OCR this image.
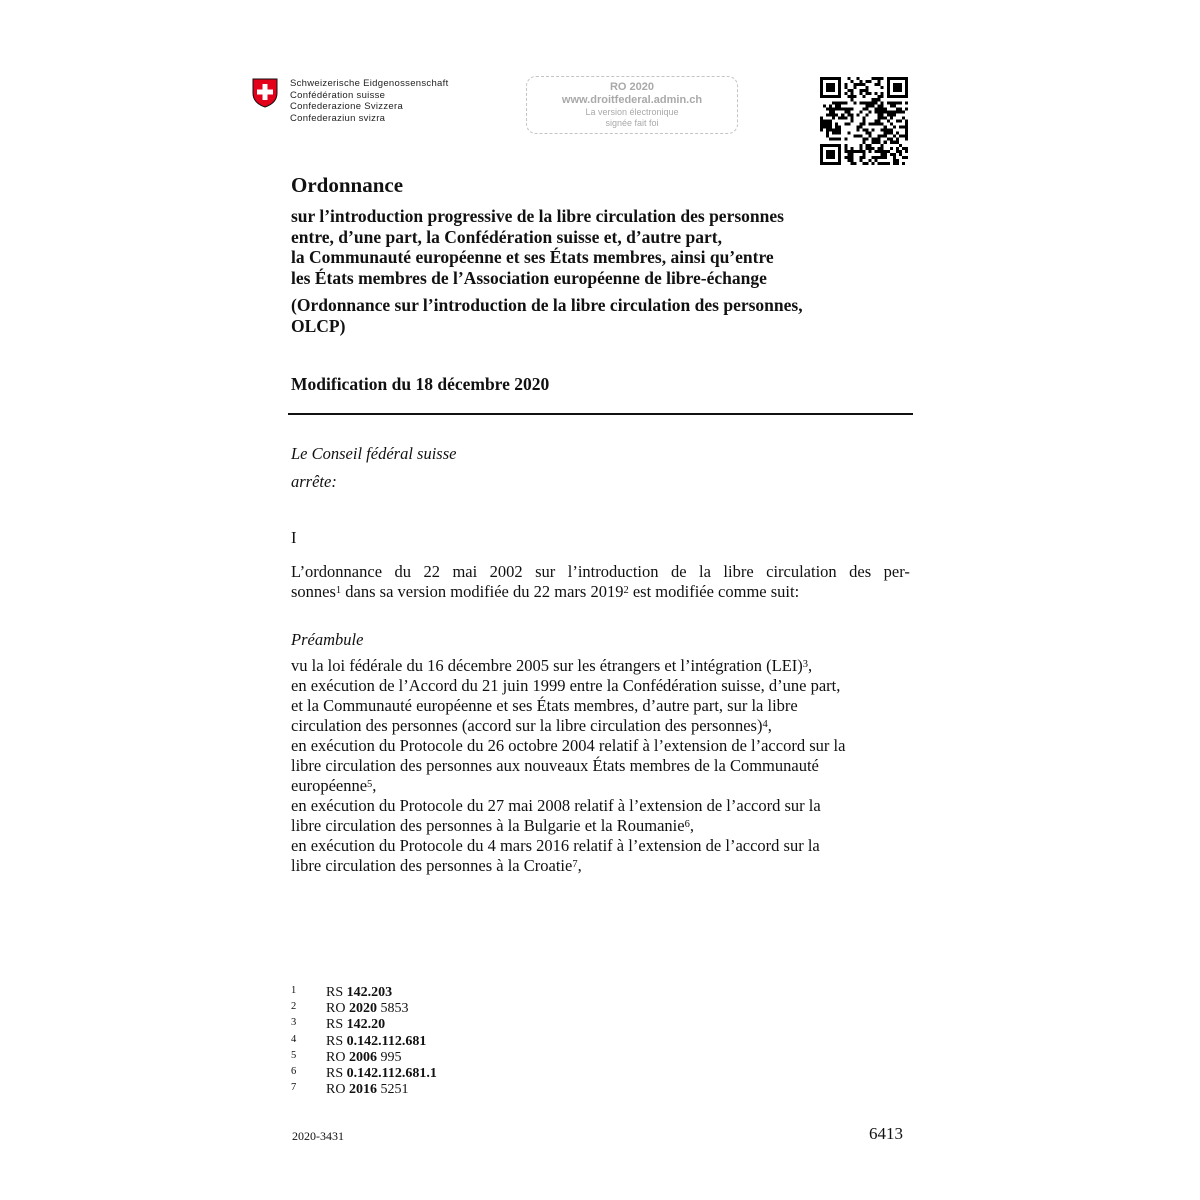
Schweizerische Eidgenossenschaft
Confédération suisse
Confederazione Svizzera
Confederaziun svizra
RO 2020
www.droitfederal.admin.ch
La version électronique
signée fait foi
Ordonnance
sur l’introduction progressive de la libre circulation des personnes
entre, d’une part, la Confédération suisse et, d’autre part,
la Communauté européenne et ses États membres, ainsi qu’entre
les États membres de l’Association européenne de libre-échange
(Ordonnance sur l’introduction de la libre circulation des personnes,
OLCP)
Modification du 18 décembre 2020
Le Conseil fédéral suisse
arrête:
I
L’ordonnance du 22 mai 2002 sur l’introduction de la libre circulation des per-
sonnes$^1$ dans sa version modifiée du 22 mars 2019$^2$ est modifiée comme suit:
Préambule
vu la loi fédérale du 16 décembre 2005 sur les étrangers et l’intégration (LEI)$^3$,
en exécution de l’Accord du 21 juin 1999 entre la Confédération suisse, d’une part,
et la Communauté européenne et ses États membres, d’autre part, sur la libre
circulation des personnes (accord sur la libre circulation des personnes)$^4$,
en exécution du Protocole du 26 octobre 2004 relatif à l’extension de l’accord sur la
libre circulation des personnes aux nouveaux États membres de la Communauté
européenne$^5$,
en exécution du Protocole du 27 mai 2008 relatif à l’extension de l’accord sur la
libre circulation des personnes à la Bulgarie et la Roumanie$^6$,
en exécution du Protocole du 4 mars 2016 relatif à l’extension de l’accord sur la
libre circulation des personnes à la Croatie$^7$,
1	RS 142.203
2	RO 2020 5853
3	RS 142.20
4	RS 0.142.112.681
5	RO 2006 995
6	RS 0.142.112.681.1
7	RO 2016 5251
2020-3431	6413
